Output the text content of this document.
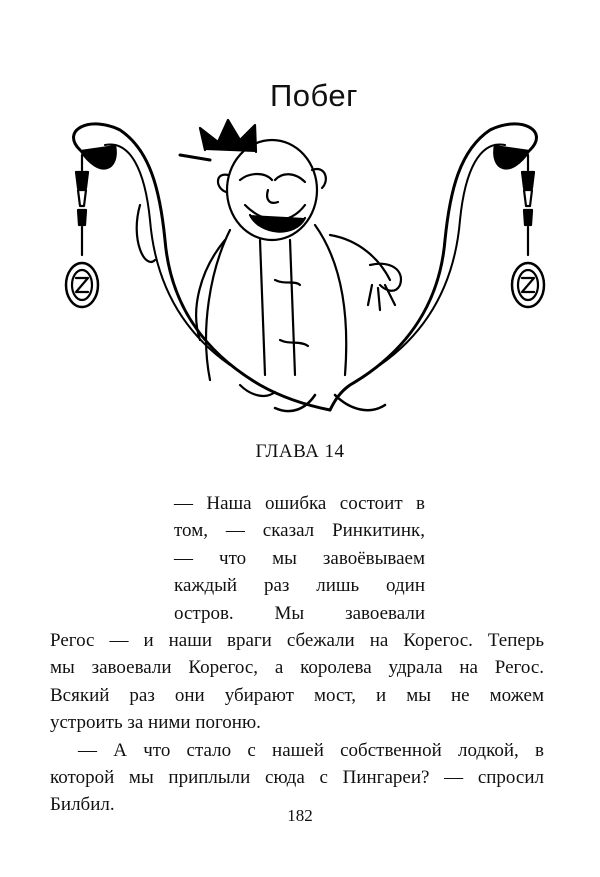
Побег
ГЛАВА 14
— Наша ошибка состоит в
том, — сказал Ринкитинк,
— что мы завоёвываем
каждый раз лишь один
остров. Мы завоевали
Регос — и наши враги сбежали на Корегос. Теперь
мы завоевали Корегос, а королева удрала на Регос.
Всякий раз они убирают мост, и мы не можем
устроить за ними погоню.
— А что стало с нашей собственной лодкой, в
которой мы приплыли сюда с Пингареи? — спросил
Билбил.
182
